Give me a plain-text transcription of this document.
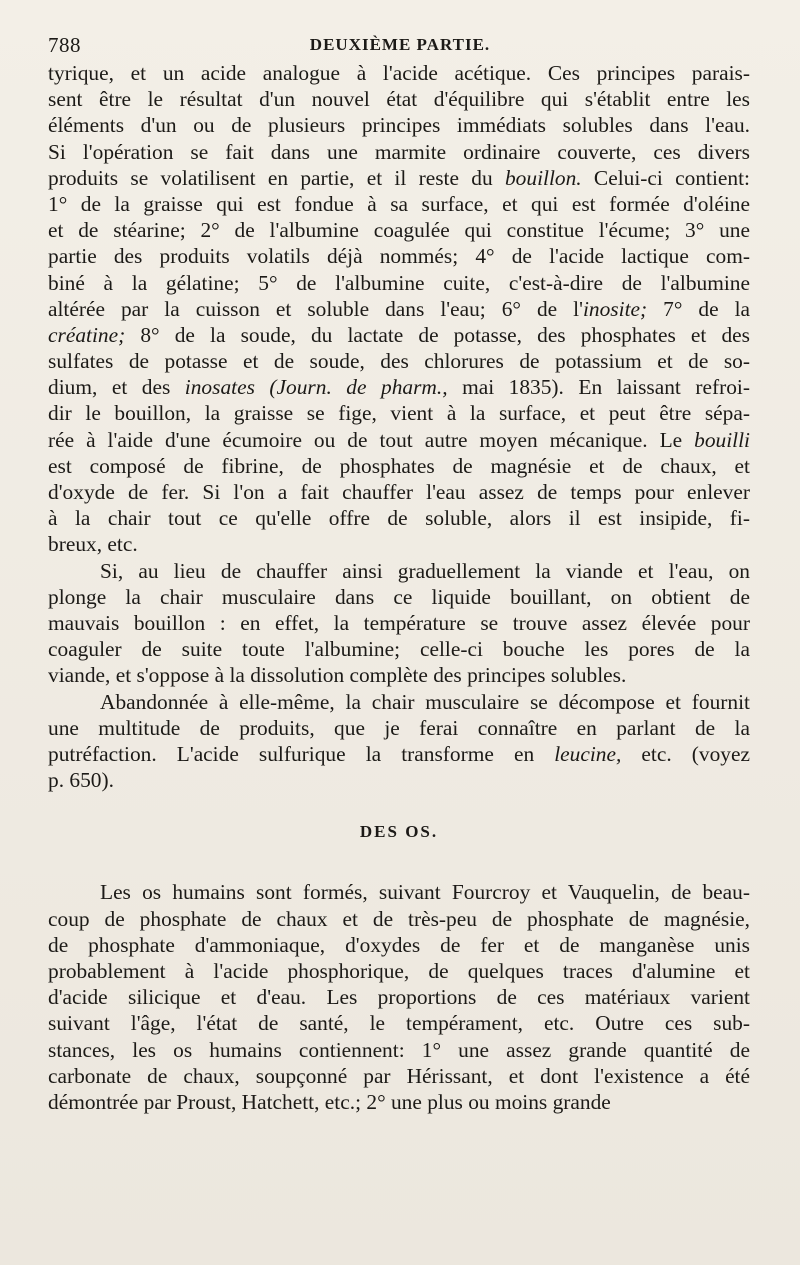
788	DEUXIÈME PARTIE.
tyrique, et un acide analogue à l'acide acétique. Ces principes parais-
sent être le résultat d'un nouvel état d'équilibre qui s'établit entre les
éléments d'un ou de plusieurs principes immédiats solubles dans l'eau.
Si l'opération se fait dans une marmite ordinaire couverte, ces divers
produits se volatilisent en partie, et il reste du bouillon. Celui-ci contient:
1° de la graisse qui est fondue à sa surface, et qui est formée d'oléine
et de stéarine; 2° de l'albumine coagulée qui constitue l'écume; 3° une
partie des produits volatils déjà nommés; 4° de l'acide lactique com-
biné à la gélatine; 5° de l'albumine cuite, c'est-à-dire de l'albumine
altérée par la cuisson et soluble dans l'eau; 6° de l'inosite; 7° de la
créatine; 8° de la soude, du lactate de potasse, des phosphates et des
sulfates de potasse et de soude, des chlorures de potassium et de so-
dium, et des inosates (Journ. de pharm., mai 1835). En laissant refroi-
dir le bouillon, la graisse se fige, vient à la surface, et peut être sépa-
rée à l'aide d'une écumoire ou de tout autre moyen mécanique. Le bouilli
est composé de fibrine, de phosphates de magnésie et de chaux, et
d'oxyde de fer. Si l'on a fait chauffer l'eau assez de temps pour enlever
à la chair tout ce qu'elle offre de soluble, alors il est insipide, fi-
breux, etc.
Si, au lieu de chauffer ainsi graduellement la viande et l'eau, on
plonge la chair musculaire dans ce liquide bouillant, on obtient de
mauvais bouillon : en effet, la température se trouve assez élevée pour
coaguler de suite toute l'albumine; celle-ci bouche les pores de la
viande, et s'oppose à la dissolution complète des principes solubles.
Abandonnée à elle-même, la chair musculaire se décompose et fournit
une multitude de produits, que je ferai connaître en parlant de la
putréfaction. L'acide sulfurique la transforme en leucine, etc. (voyez
p. 650).
DES OS.
Les os humains sont formés, suivant Fourcroy et Vauquelin, de beau-
coup de phosphate de chaux et de très-peu de phosphate de magnésie,
de phosphate d'ammoniaque, d'oxydes de fer et de manganèse unis
probablement à l'acide phosphorique, de quelques traces d'alumine et
d'acide silicique et d'eau. Les proportions de ces matériaux varient
suivant l'âge, l'état de santé, le tempérament, etc. Outre ces sub-
stances, les os humains contiennent: 1° une assez grande quantité de
carbonate de chaux, soupçonné par Hérissant, et dont l'existence a été
démontrée par Proust, Hatchett, etc.; 2° une plus ou moins grande
